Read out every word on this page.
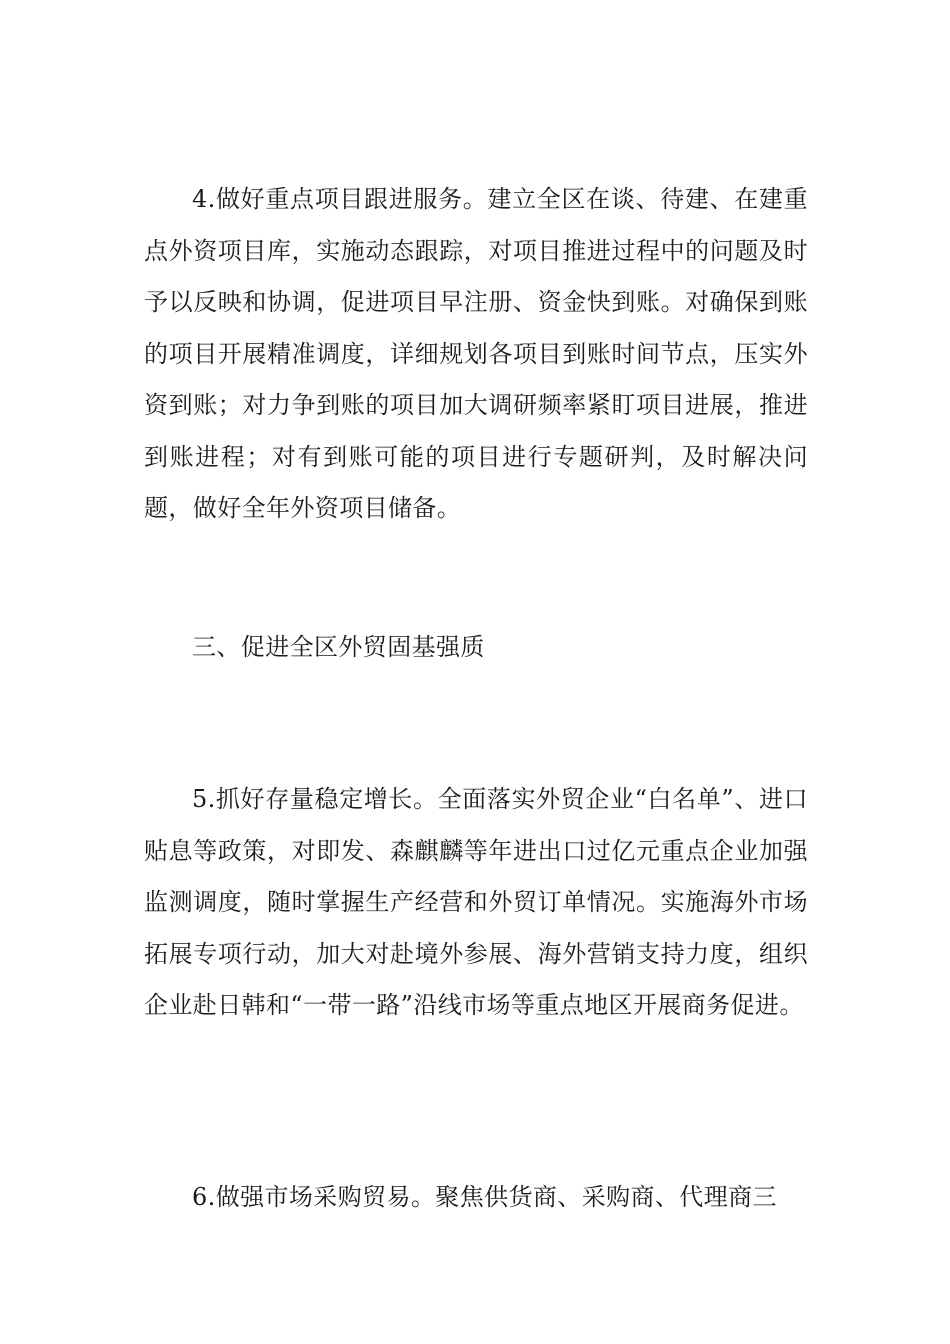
4.做好重点项目跟进服务。建立全区在谈、待建、在建重点外资项目库，实施动态跟踪，对项目推进过程中的问题及时予以反映和协调，促进项目早注册、资金快到账。对确保到账的项目开展精准调度，详细规划各项目到账时间节点，压实外资到账；对力争到账的项目加大调研频率紧盯项目进展，推进到账进程；对有到账可能的项目进行专题研判，及时解决问题，做好全年外资项目储备。

三、促进全区外贸固基强质

5.抓好存量稳定增长。全面落实外贸企业“白名单”、进口贴息等政策，对即发、森麒麟等年进出口过亿元重点企业加强监测调度，随时掌握生产经营和外贸订单情况。实施海外市场拓展专项行动，加大对赴境外参展、海外营销支持力度，组织企业赴日韩和“一带一路”沿线市场等重点地区开展商务促进。

6.做强市场采购贸易。聚焦供货商、采购商、代理商三
